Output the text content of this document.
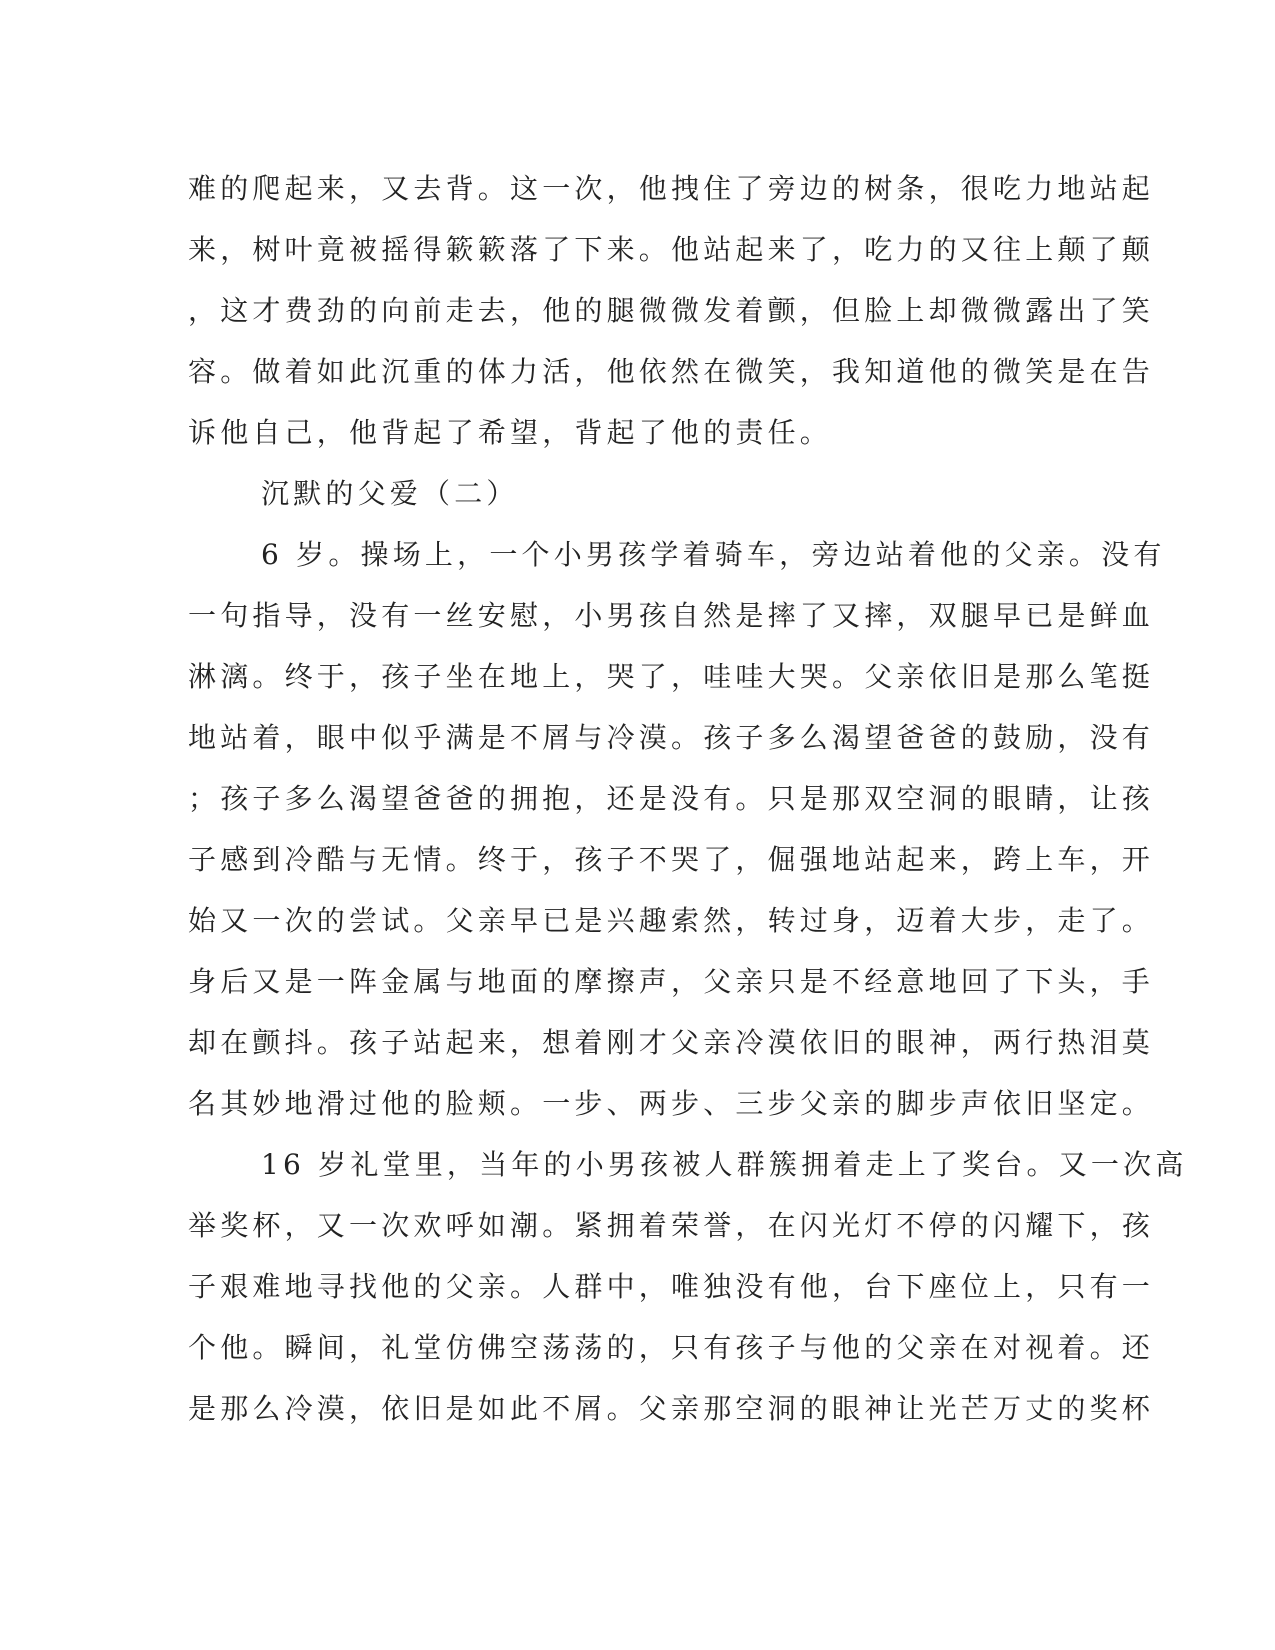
难的爬起来，又去背。这一次，他拽住了旁边的树条，很吃力地站起
来，树叶竟被摇得簌簌落了下来。他站起来了，吃力的又往上颠了颠
，这才费劲的向前走去，他的腿微微发着颤，但脸上却微微露出了笑
容。做着如此沉重的体力活，他依然在微笑，我知道他的微笑是在告
诉他自己，他背起了希望，背起了他的责任。
沉默的父爱（二）
6 岁。操场上，一个小男孩学着骑车，旁边站着他的父亲。没有
一句指导，没有一丝安慰，小男孩自然是摔了又摔，双腿早已是鲜血
淋漓。终于，孩子坐在地上，哭了，哇哇大哭。父亲依旧是那么笔挺
地站着，眼中似乎满是不屑与冷漠。孩子多么渴望爸爸的鼓励，没有
；孩子多么渴望爸爸的拥抱，还是没有。只是那双空洞的眼睛，让孩
子感到冷酷与无情。终于，孩子不哭了，倔强地站起来，跨上车，开
始又一次的尝试。父亲早已是兴趣索然，转过身，迈着大步，走了。
身后又是一阵金属与地面的摩擦声，父亲只是不经意地回了下头，手
却在颤抖。孩子站起来，想着刚才父亲冷漠依旧的眼神，两行热泪莫
名其妙地滑过他的脸颊。一步、两步、三步父亲的脚步声依旧坚定。
16 岁礼堂里，当年的小男孩被人群簇拥着走上了奖台。又一次高
举奖杯，又一次欢呼如潮。紧拥着荣誉，在闪光灯不停的闪耀下，孩
子艰难地寻找他的父亲。人群中，唯独没有他，台下座位上，只有一
个他。瞬间，礼堂仿佛空荡荡的，只有孩子与他的父亲在对视着。还
是那么冷漠，依旧是如此不屑。父亲那空洞的眼神让光芒万丈的奖杯
